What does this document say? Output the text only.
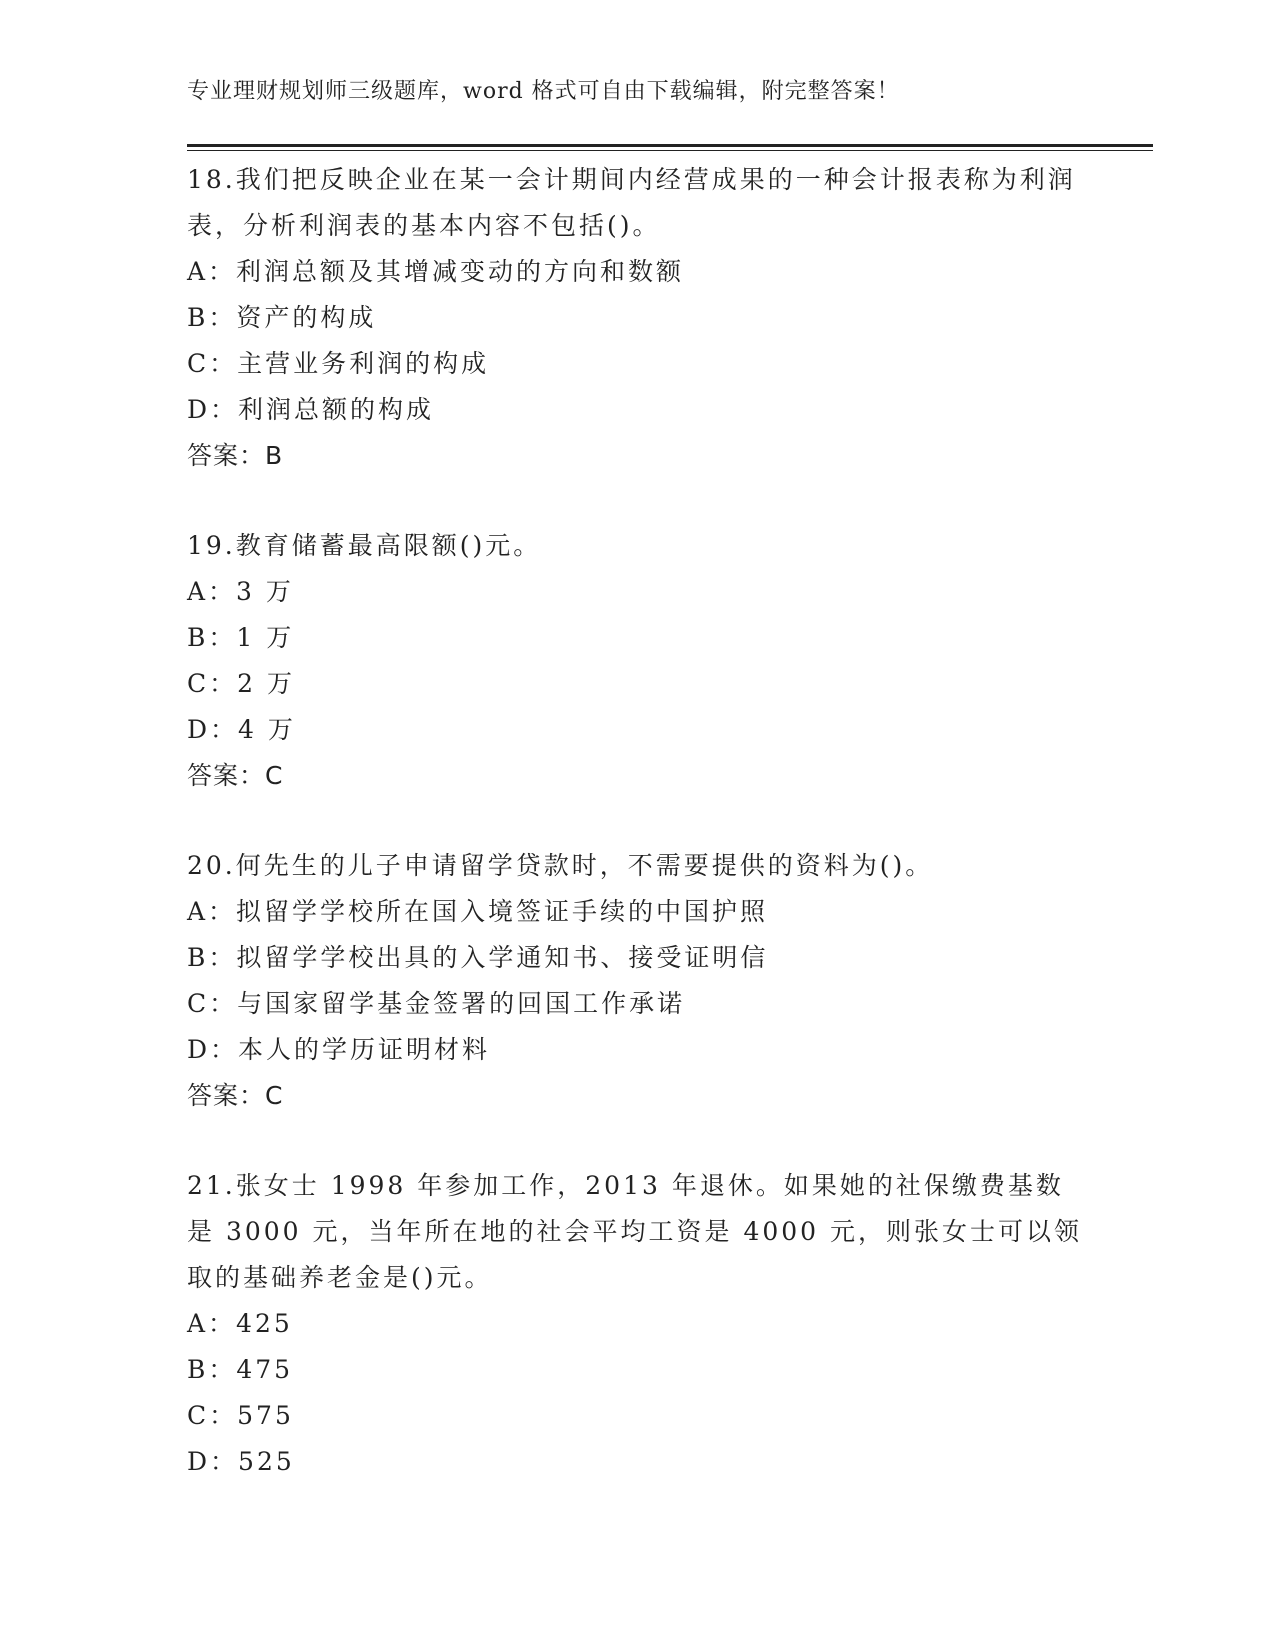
专业理财规划师三级题库，word 格式可自由下载编辑，附完整答案！

18.我们把反映企业在某一会计期间内经营成果的一种会计报表称为利润表，分析利润表的基本内容不包括()。

A：利润总额及其增减变动的方向和数额

B：资产的构成

C：主营业务利润的构成

D：利润总额的构成

答案：B

19.教育储蓄最高限额()元。

A：3 万

B：1 万

C：2 万

D：4 万

答案：C

20.何先生的儿子申请留学贷款时，不需要提供的资料为()。

A：拟留学学校所在国入境签证手续的中国护照

B：拟留学学校出具的入学通知书、接受证明信

C：与国家留学基金签署的回国工作承诺

D：本人的学历证明材料

答案：C

21.张女士 1998 年参加工作，2013 年退休。如果她的社保缴费基数是 3000 元，当年所在地的社会平均工资是 4000 元，则张女士可以领取的基础养老金是()元。

A：425

B：475

C：575

D：525
